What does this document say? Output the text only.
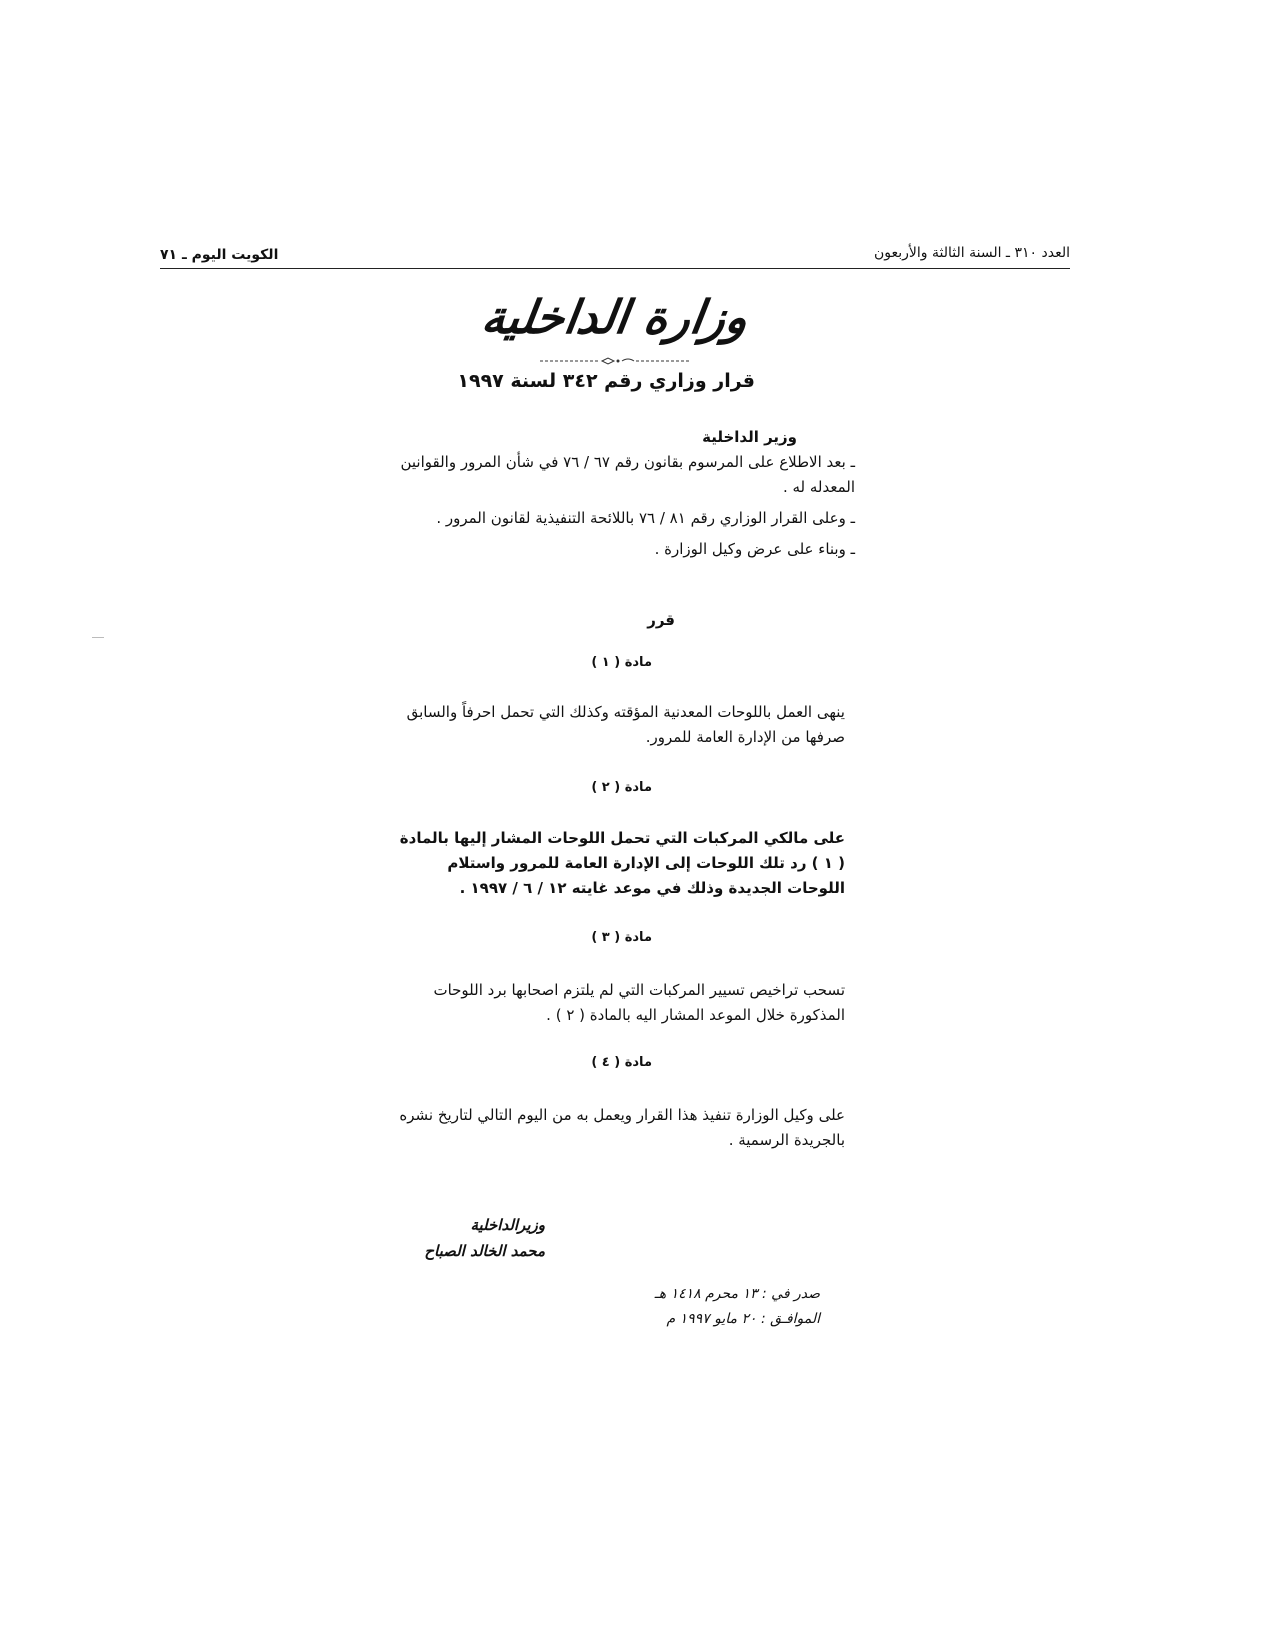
الكويت اليوم ـ ٧١	العدد ٣١٠ ـ السنة الثالثة والأربعون
وزارة الداخلية
قرار وزاري رقم ٣٤٢ لسنة ١٩٩٧
وزير الداخلية

ـ بعد الاطلاع على المرسوم بقانون رقم ٦٧ / ٧٦ في شأن المرور والقوانين المعدله له .

ـ وعلى القرار الوزاري رقم ٨١ / ٧٦ باللائحة التنفيذية لقانون المرور .

ـ وبناء على عرض وكيل الوزارة .

قرر
مادة ( ١ )
ينهى العمل باللوحات المعدنية المؤقته وكذلك التي تحمل احرفاً والسابق صرفها من الإدارة العامة للمرور.
مادة ( ٢ )
على مالكي المركبات التي تحمل اللوحات المشار إليها بالمادة ( ١ ) رد تلك اللوحات إلى الإدارة العامة للمرور واستلام اللوحات الجديدة وذلك في موعد غايته ١٢ / ٦ / ١٩٩٧ .
مادة ( ٣ )
تسحب تراخيص تسيير المركبات التي لم يلتزم اصحابها برد اللوحات المذكورة خلال الموعد المشار اليه بالمادة ( ٢ ) .
مادة ( ٤ )
على وكيل الوزارة تنفيذ هذا القرار ويعمل به من اليوم التالي لتاريخ نشره بالجريدة الرسمية .
وزيرالداخلية
محمد الخالد الصباح
صدر في : ١٣ محرم ١٤١٨ هـ
الموافـق : ٢٠ مايو ١٩٩٧ م
